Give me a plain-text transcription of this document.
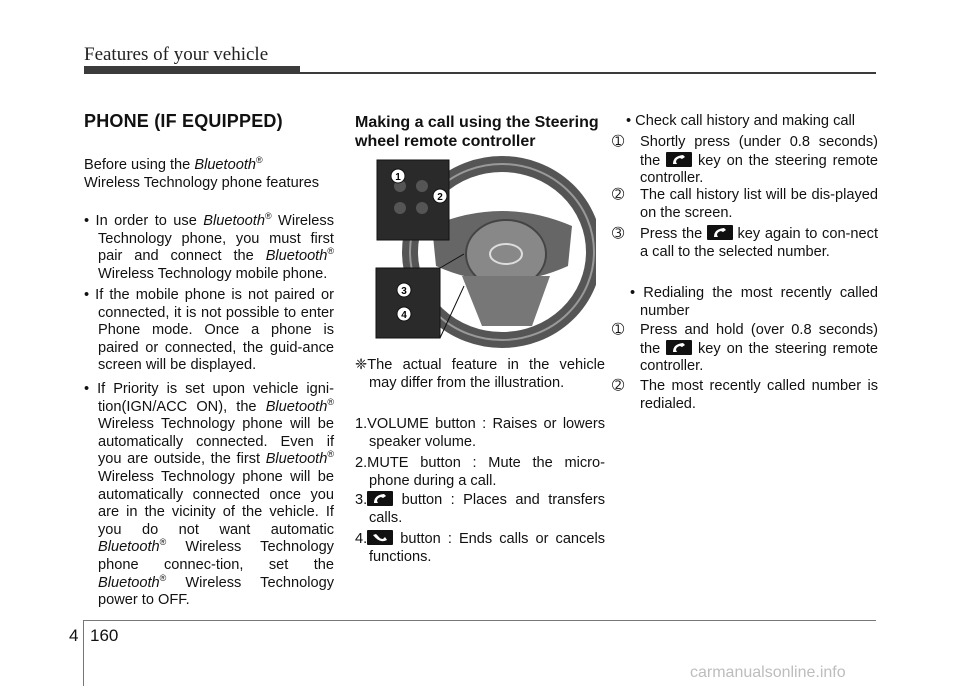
Features of your vehicle
PHONE (IF EQUIPPED)
Before using the Bluetooth®
Wireless Technology phone features
• In order to use Bluetooth® Wireless Technology phone, you must first pair and connect the Bluetooth® Wireless Technology mobile phone.
• If the mobile phone is not paired or connected, it is not possible to enter Phone mode. Once a phone is paired or connected, the guid-ance screen will be displayed.
• If Priority is set upon vehicle igni-tion(IGN/ACC ON), the Bluetooth® Wireless Technology phone will be automatically connected. Even if you are outside, the first Bluetooth® Wireless Technology phone will be automatically connected once you are in the vicinity of the vehicle. If you do not want automatic Bluetooth® Wireless Technology phone connec-tion, set the Bluetooth® Wireless Technology power to OFF.
Making a call using the Steering wheel remote controller
1
2
3
4
❈The actual feature in the vehicle may differ from the illustration.
1.VOLUME button : Raises or lowers speaker volume.
2.MUTE button : Mute the micro-phone during a call.
3.
button : Places and transfers calls.
4.
button : Ends calls or cancels functions.
• Check call history and making call
➀ Shortly press (under 0.8 seconds) the
key on the steering remote controller.
➁ The call history list will be dis-played on the screen.
➂ Press the
key again to con-nect a call to the selected number.
• Redialing the most recently called number
➀ Press and hold (over 0.8 seconds) the
key on the steering remote controller.
➁ The most recently called number is redialed.
4 160
carmanualsonline.info
